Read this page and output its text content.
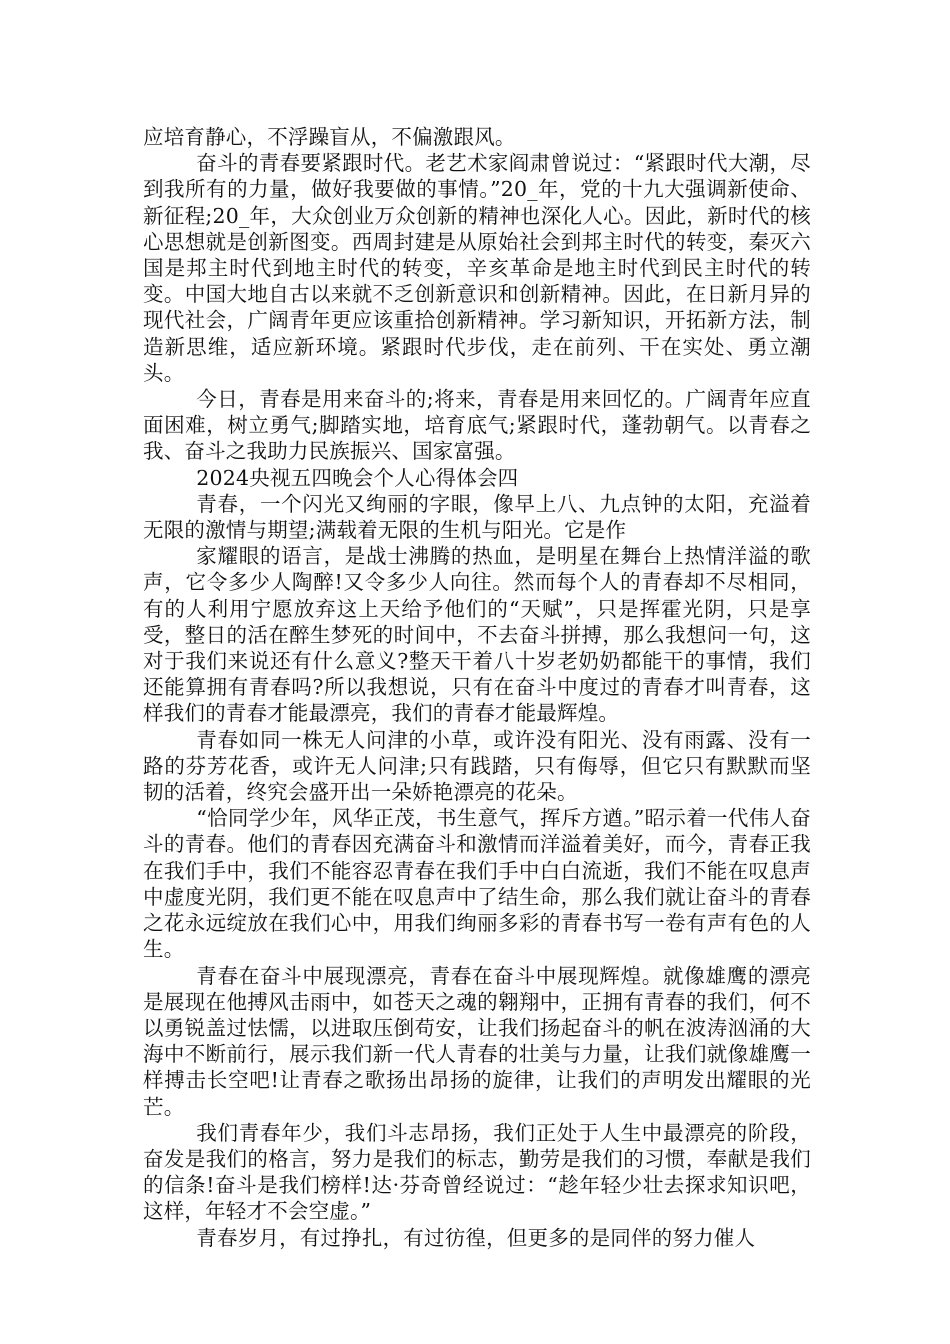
应培育静心，不浮躁盲从，不偏激跟风。

奋斗的青春要紧跟时代。老艺术家阎肃曾说过：“紧跟时代大潮，尽到我所有的力量，做好我要做的事情。”20_年，党的十九大强调新使命、新征程;20_年，大众创业万众创新的精神也深化人心。因此，新时代的核心思想就是创新图变。西周封建是从原始社会到邦主时代的转变，秦灭六国是邦主时代到地主时代的转变，辛亥革命是地主时代到民主时代的转变。中国大地自古以来就不乏创新意识和创新精神。因此，在日新月异的现代社会，广阔青年更应该重拾创新精神。学习新知识，开拓新方法，制造新思维，适应新环境。紧跟时代步伐，走在前列、干在实处、勇立潮头。

今日，青春是用来奋斗的;将来，青春是用来回忆的。广阔青年应直面困难，树立勇气;脚踏实地，培育底气;紧跟时代，蓬勃朝气。以青春之我、奋斗之我助力民族振兴、国家富强。

2024央视五四晚会个人心得体会四

青春，一个闪光又绚丽的字眼，像早上八、九点钟的太阳，充溢着无限的激情与期望;满载着无限的生机与阳光。它是作

家耀眼的语言，是战士沸腾的热血，是明星在舞台上热情洋溢的歌声，它令多少人陶醉!又令多少人向往。然而每个人的青春却不尽相同，有的人利用宁愿放弃这上天给予他们的“天赋”，只是挥霍光阴，只是享受，整日的活在醉生梦死的时间中，不去奋斗拼搏，那么我想问一句，这对于我们来说还有什么意义?整天干着八十岁老奶奶都能干的事情，我们还能算拥有青春吗?所以我想说，只有在奋斗中度过的青春才叫青春，这样我们的青春才能最漂亮，我们的青春才能最辉煌。

青春如同一株无人问津的小草，或许没有阳光、没有雨露、没有一路的芬芳花香，或许无人问津;只有践踏，只有侮辱，但它只有默默而坚韧的活着，终究会盛开出一朵娇艳漂亮的花朵。

“恰同学少年，风华正茂，书生意气，挥斥方遒。”昭示着一代伟人奋斗的青春。他们的青春因充满奋斗和激情而洋溢着美好，而今，青春正我在我们手中，我们不能容忍青春在我们手中白白流逝，我们不能在叹息声中虚度光阴，我们更不能在叹息声中了结生命，那么我们就让奋斗的青春之花永远绽放在我们心中，用我们绚丽多彩的青春书写一卷有声有色的人生。

青春在奋斗中展现漂亮，青春在奋斗中展现辉煌。就像雄鹰的漂亮是展现在他搏风击雨中，如苍天之魂的翱翔中，正拥有青春的我们，何不以勇锐盖过怯懦，以进取压倒苟安，让我们扬起奋斗的帆在波涛汹涌的大海中不断前行，展示我们新一代人青春的壮美与力量，让我们就像雄鹰一样搏击长空吧!让青春之歌扬出昂扬的旋律，让我们的声明发出耀眼的光芒。

我们青春年少，我们斗志昂扬，我们正处于人生中最漂亮的阶段，奋发是我们的格言，努力是我们的标志，勤劳是我们的习惯，奉献是我们的信条!奋斗是我们榜样!达·芬奇曾经说过：“趁年轻少壮去探求知识吧，这样，年轻才不会空虚。”

青春岁月，有过挣扎，有过彷徨，但更多的是同伴的努力催人
